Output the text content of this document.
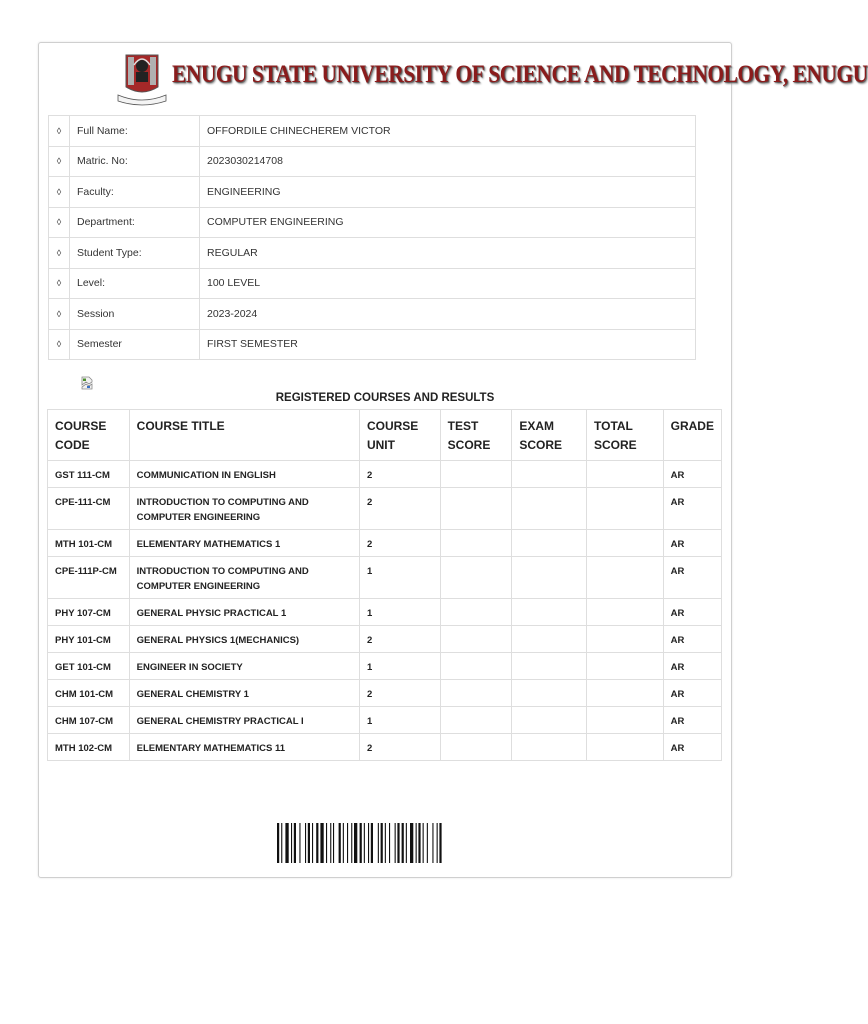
ENUGU STATE UNIVERSITY OF SCIENCE AND TECHNOLOGY, ENUGU
◊	Full Name:	OFFORDILE CHINECHEREM VICTOR
◊	Matric. No:	2023030214708
◊	Faculty:	ENGINEERING
◊	Department:	COMPUTER ENGINEERING
◊	Student Type:	REGULAR
◊	Level:	100 LEVEL
◊	Session	2023-2024
◊	Semester	FIRST SEMESTER
REGISTERED COURSES AND RESULTS
COURSE CODE	COURSE TITLE	COURSE UNIT	TEST SCORE	EXAM SCORE	TOTAL SCORE	GRADE
GST 111-CM	COMMUNICATION IN ENGLISH	2				AR
CPE-111-CM	INTRODUCTION TO COMPUTING AND COMPUTER ENGINEERING	2				AR
MTH 101-CM	ELEMENTARY MATHEMATICS 1	2				AR
CPE-111P-CM	INTRODUCTION TO COMPUTING AND COMPUTER ENGINEERING	1				AR
PHY 107-CM	GENERAL PHYSIC PRACTICAL 1	1				AR
PHY 101-CM	GENERAL PHYSICS 1(MECHANICS)	2				AR
GET 101-CM	ENGINEER IN SOCIETY	1				AR
CHM 101-CM	GENERAL CHEMISTRY 1	2				AR
CHM 107-CM	GENERAL CHEMISTRY PRACTICAL I	1				AR
MTH 102-CM	ELEMENTARY MATHEMATICS 11	2				AR
